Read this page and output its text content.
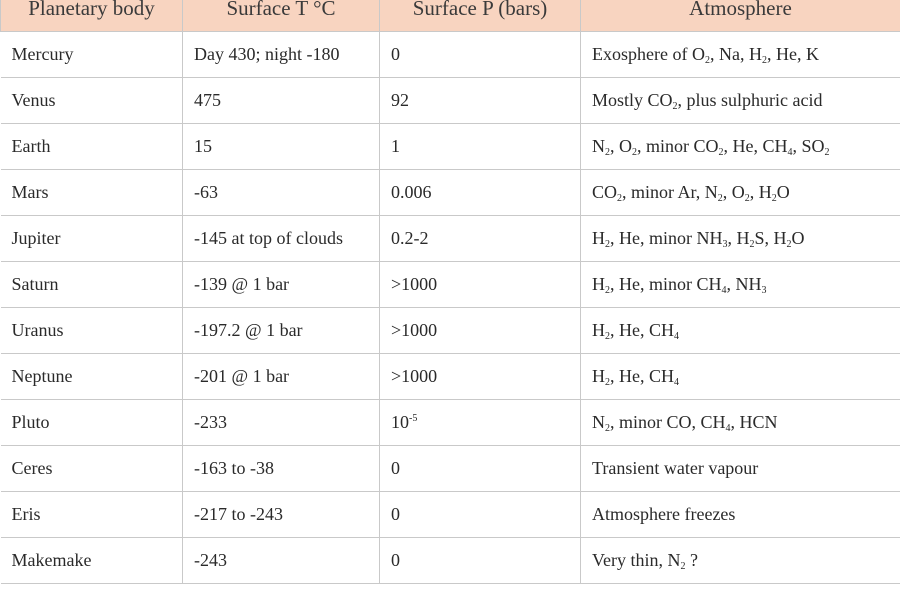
Planetary body	Surface T °C	Surface P (bars)	Atmosphere
Mercury	Day 430; night -180	0	Exosphere of $O_2$, Na, $H_2$, He, K
Venus	475	92	Mostly $CO_2$, plus sulphuric acid
Earth	15	1	$N_2$, $O_2$, minor $CO_2$, He, $CH_4$, $SO_2$
Mars	-63	0.006	$CO_2$, minor Ar, $N_2$, $O_2$, $H_2O$
Jupiter	-145 at top of clouds	0.2-2	$H_2$, He, minor $NH_3$, $H_2S$, $H_2O$
Saturn	-139 @ 1 bar	>1000	$H_2$, He, minor $CH_4$, $NH_3$
Uranus	-197.2 @ 1 bar	>1000	$H_2$, He, $CH_4$
Neptune	-201 @ 1 bar	>1000	$H_2$, He, $CH_4$
Pluto	-233	$10^{-5}$	$N_2$, minor CO, $CH_4$, HCN
Ceres	-163 to -38	0	Transient water vapour
Eris	-217 to -243	0	Atmosphere freezes
Makemake	-243	0	Very thin, $N_2$ ?
